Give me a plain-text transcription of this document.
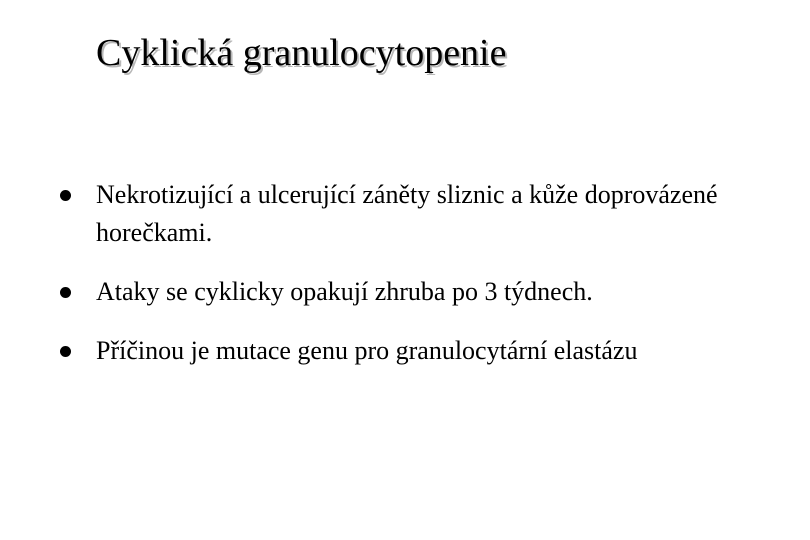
Cyklická granulocytopenie
Nekrotizující a ulcerující záněty sliznic a kůže doprovázené horečkami.
Ataky se cyklicky opakují zhruba po 3 týdnech.
Příčinou je mutace genu pro granulocytární elastázu
